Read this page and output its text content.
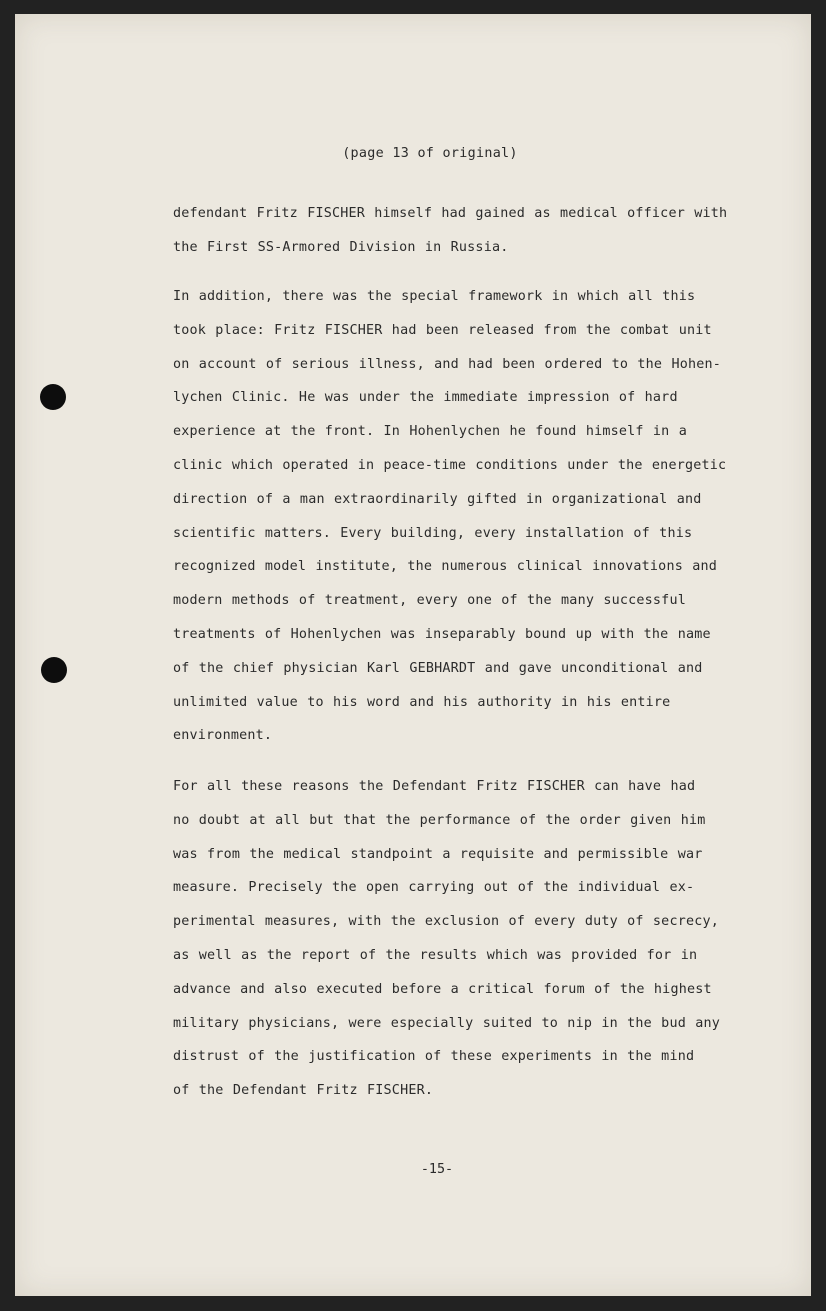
(page 13 of original)
defendant Fritz FISCHER himself had gained as medical officer with
the First SS-Armored Division in Russia.
In addition, there was the special framework in which all this
took place: Fritz FISCHER had been released from the combat unit
on account of serious illness, and had been ordered to the Hohen-
lychen Clinic. He was under the immediate impression of hard
experience at the front. In Hohenlychen he found himself in a
clinic which operated in peace-time conditions under the energetic
direction of a man extraordinarily gifted in organizational and
scientific matters. Every building, every installation of this
recognized model institute, the numerous clinical innovations and
modern methods of treatment, every one of the many successful
treatments of Hohenlychen was inseparably bound up with the name
of the chief physician Karl GEBHARDT and gave unconditional and
unlimited value to his word and his authority in his entire
environment.
For all these reasons the Defendant Fritz FISCHER can have had
no doubt at all but that the performance of the order given him
was from the medical standpoint a requisite and permissible war
measure. Precisely the open carrying out of the individual ex-
perimental measures, with the exclusion of every duty of secrecy,
as well as the report of the results which was provided for in
advance and also executed before a critical forum of the highest
military physicians, were especially suited to nip in the bud any
distrust of the justification of these experiments in the mind
of the Defendant Fritz FISCHER.
-15-
